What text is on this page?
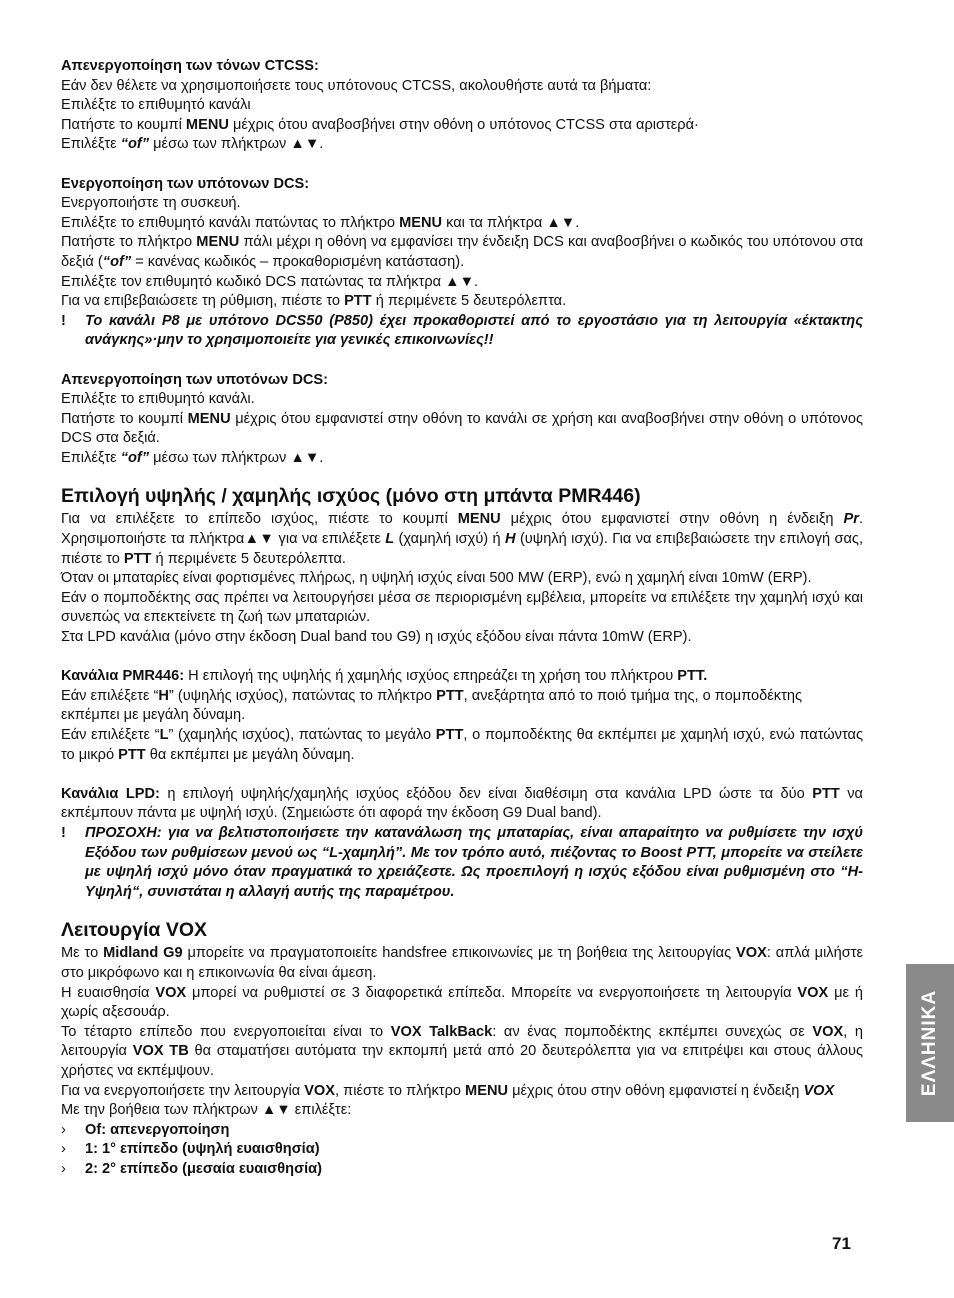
Απενεργοποίηση των τόνων CTCSS:

Εάν δεν θέλετε να χρησιμοποιήσετε τους υπότονους CTCSS, ακολουθήστε αυτά τα βήματα:

Επιλέξτε το επιθυμητό κανάλι

Πατήστε το κουμπί MENU μέχρις ότου αναβοσβήνει στην οθόνη ο υπότονος CTCSS στα αριστερά·

Επιλέξτε “of” μέσω των πλήκτρων ▲▼.

Ενεργοποίηση των υπότονων DCS:

Ενεργοποιήστε τη συσκευή.

Επιλέξτε το επιθυμητό κανάλι πατώντας το πλήκτρο MENU και τα πλήκτρα ▲▼.

Πατήστε το πλήκτρο MENU πάλι μέχρι η οθόνη να εμφανίσει την ένδειξη DCS και αναβοσβήνει ο κωδικός του υπότονου στα δεξιά (“of” = κανένας κωδικός – προκαθορισμένη κατάσταση).

Επιλέξτε τον επιθυμητό κωδικό DCS πατώντας τα πλήκτρα ▲▼.

Για να επιβεβαιώσετε τη ρύθμιση, πιέστε το PTT ή περιμένετε 5 δευτερόλεπτα.

! Το κανάλι P8 με υπότονο DCS50 (P850) έχει προκαθοριστεί από το εργοστάσιο για τη λειτουργία «έκτακτης ανάγκης»·μην το χρησιμοποιείτε για γενικές επικοινωνίες!!

Απενεργοποίηση των υποτόνων DCS:

Επιλέξτε το επιθυμητό κανάλι.

Πατήστε το κουμπί MENU μέχρις ότου εμφανιστεί στην οθόνη το κανάλι σε χρήση και αναβοσβήνει στην οθόνη ο υπότονος DCS στα δεξιά.

Επιλέξτε “of” μέσω των πλήκτρων ▲▼.

Επιλογή υψηλής / χαμηλής ισχύος (μόνο στη μπάντα PMR446)

Για να επιλέξετε το επίπεδο ισχύος, πιέστε το κουμπί MENU μέχρις ότου εμφανιστεί στην οθόνη η ένδειξη Pr. Χρησιμοποιήστε τα πλήκτρα▲▼ για να επιλέξετε L (χαμηλή ισχύ) ή H (υψηλή ισχύ). Για να επιβεβαιώσετε την επιλογή σας, πιέστε το PTT ή περιμένετε 5 δευτερόλεπτα.

Όταν οι μπαταρίες είναι φορτισμένες πλήρως, η υψηλή ισχύς είναι 500 MW (ERP), ενώ η χαμηλή είναι 10mW (ERP).

Εάν ο πομποδέκτης σας πρέπει να λειτουργήσει μέσα σε περιορισμένη εμβέλεια, μπορείτε να επιλέξετε την χαμηλή ισχύ και συνεπώς να επεκτείνετε τη ζωή των μπαταριών.

Στα LPD κανάλια (μόνο στην έκδοση Dual band του G9) η ισχύς εξόδου είναι πάντα 10mW (ERP).

Κανάλια PMR446: Η επιλογή της υψηλής ή χαμηλής ισχύος επηρεάζει τη χρήση του πλήκτρου PTT.

Εάν επιλέξετε “H” (υψηλής ισχύος), πατώντας το πλήκτρο PTT, ανεξάρτητα από το ποιό τμήμα της, ο πομποδέκτης εκπέμπει με μεγάλη δύναμη.

Εάν επιλέξετε “L” (χαμηλής ισχύος), πατώντας το μεγάλο PTT, ο πομποδέκτης θα εκπέμπει με χαμηλή ισχύ, ενώ πατώντας το μικρό PTT θα εκπέμπει με μεγάλη δύναμη.

Κανάλια LPD: η επιλογή υψηλής/χαμηλής ισχύος εξόδου δεν είναι διαθέσιμη στα κανάλια LPD ώστε τα δύο PTT να εκπέμπουν πάντα με υψηλή ισχύ. (Σημειώστε ότι αφορά την έκδοση G9 Dual band).

! ΠΡΟΣΟΧΗ: για να βελτιστοποιήσετε την κατανάλωση της μπαταρίας, είναι απαραίτητο να ρυθμίσετε την ισχύ Εξόδου των ρυθμίσεων μενού ως “L-χαμηλή”. Με τον τρόπο αυτό, πιέζοντας το Boost PTT, μπορείτε να στείλετε με υψηλή ισχύ μόνο όταν πραγματικά το χρειάζεστε. Ως προεπιλογή η ισχύς εξόδου είναι ρυθμισμένη στο “H-Υψηλή“, συνιστάται η αλλαγή αυτής της παραμέτρου.

Λειτουργία VOX

Με το Midland G9 μπορείτε να πραγματοποιείτε handsfree επικοινωνίες με τη βοήθεια της λειτουργίας VOX: απλά μιλήστε στο μικρόφωνο και η επικοινωνία θα είναι άμεση.

Η ευαισθησία VOX μπορεί να ρυθμιστεί σε 3 διαφορετικά επίπεδα. Μπορείτε να ενεργοποιήσετε τη λειτουργία VOX με ή χωρίς αξεσουάρ.

Το τέταρτο επίπεδο που ενεργοποιείται είναι το VOX TalkBack: αν ένας πομποδέκτης εκπέμπει συνεχώς σε VOX, η λειτουργία VOX TB θα σταματήσει αυτόματα την εκπομπή μετά από 20 δευτερόλεπτα για να επιτρέψει και στους άλλους χρήστες να εκπέμψουν.

Για να ενεργοποιήσετε την λειτουργία VOX, πιέστε το πλήκτρο MENU μέχρις ότου στην οθόνη εμφανιστεί η ένδειξη VOX

Με την βοήθεια των πλήκτρων ▲▼ επιλέξτε:

› Of: απενεργοποίηση

› 1: 1° επίπεδο (υψηλή ευαισθησία)

› 2: 2° επίπεδο (μεσαία ευαισθησία)

ΕΛΛΗΝΙΚΑ
71
